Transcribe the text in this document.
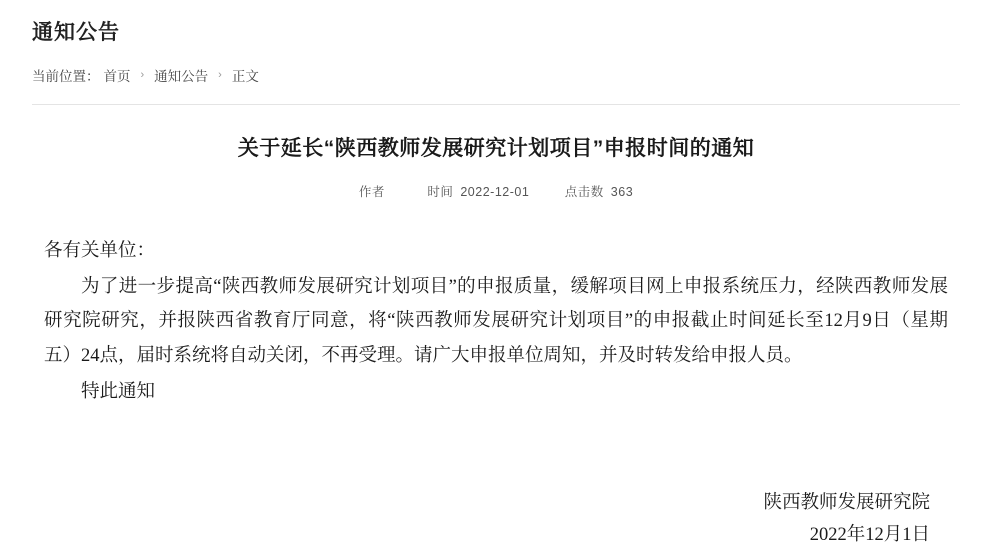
通知公告
当前位置： 首页 › 通知公告 › 正文
关于延长“陕西教师发展研究计划项目”申报时间的通知
作者	时间 2022-12-01	点击数 363

各有关单位：

为了进一步提高“陕西教师发展研究计划项目”的申报质量，缓解项目网上申报系统压力，经陕西教师发展研究院研究，并报陕西省教育厅同意，将“陕西教师发展研究计划项目”的申报截止时间延长至12月9日（星期五）24点，届时系统将自动关闭，不再受理。请广大申报单位周知，并及时转发给申报人员。

特此通知

陕西教师发展研究院
2022年12月1日
